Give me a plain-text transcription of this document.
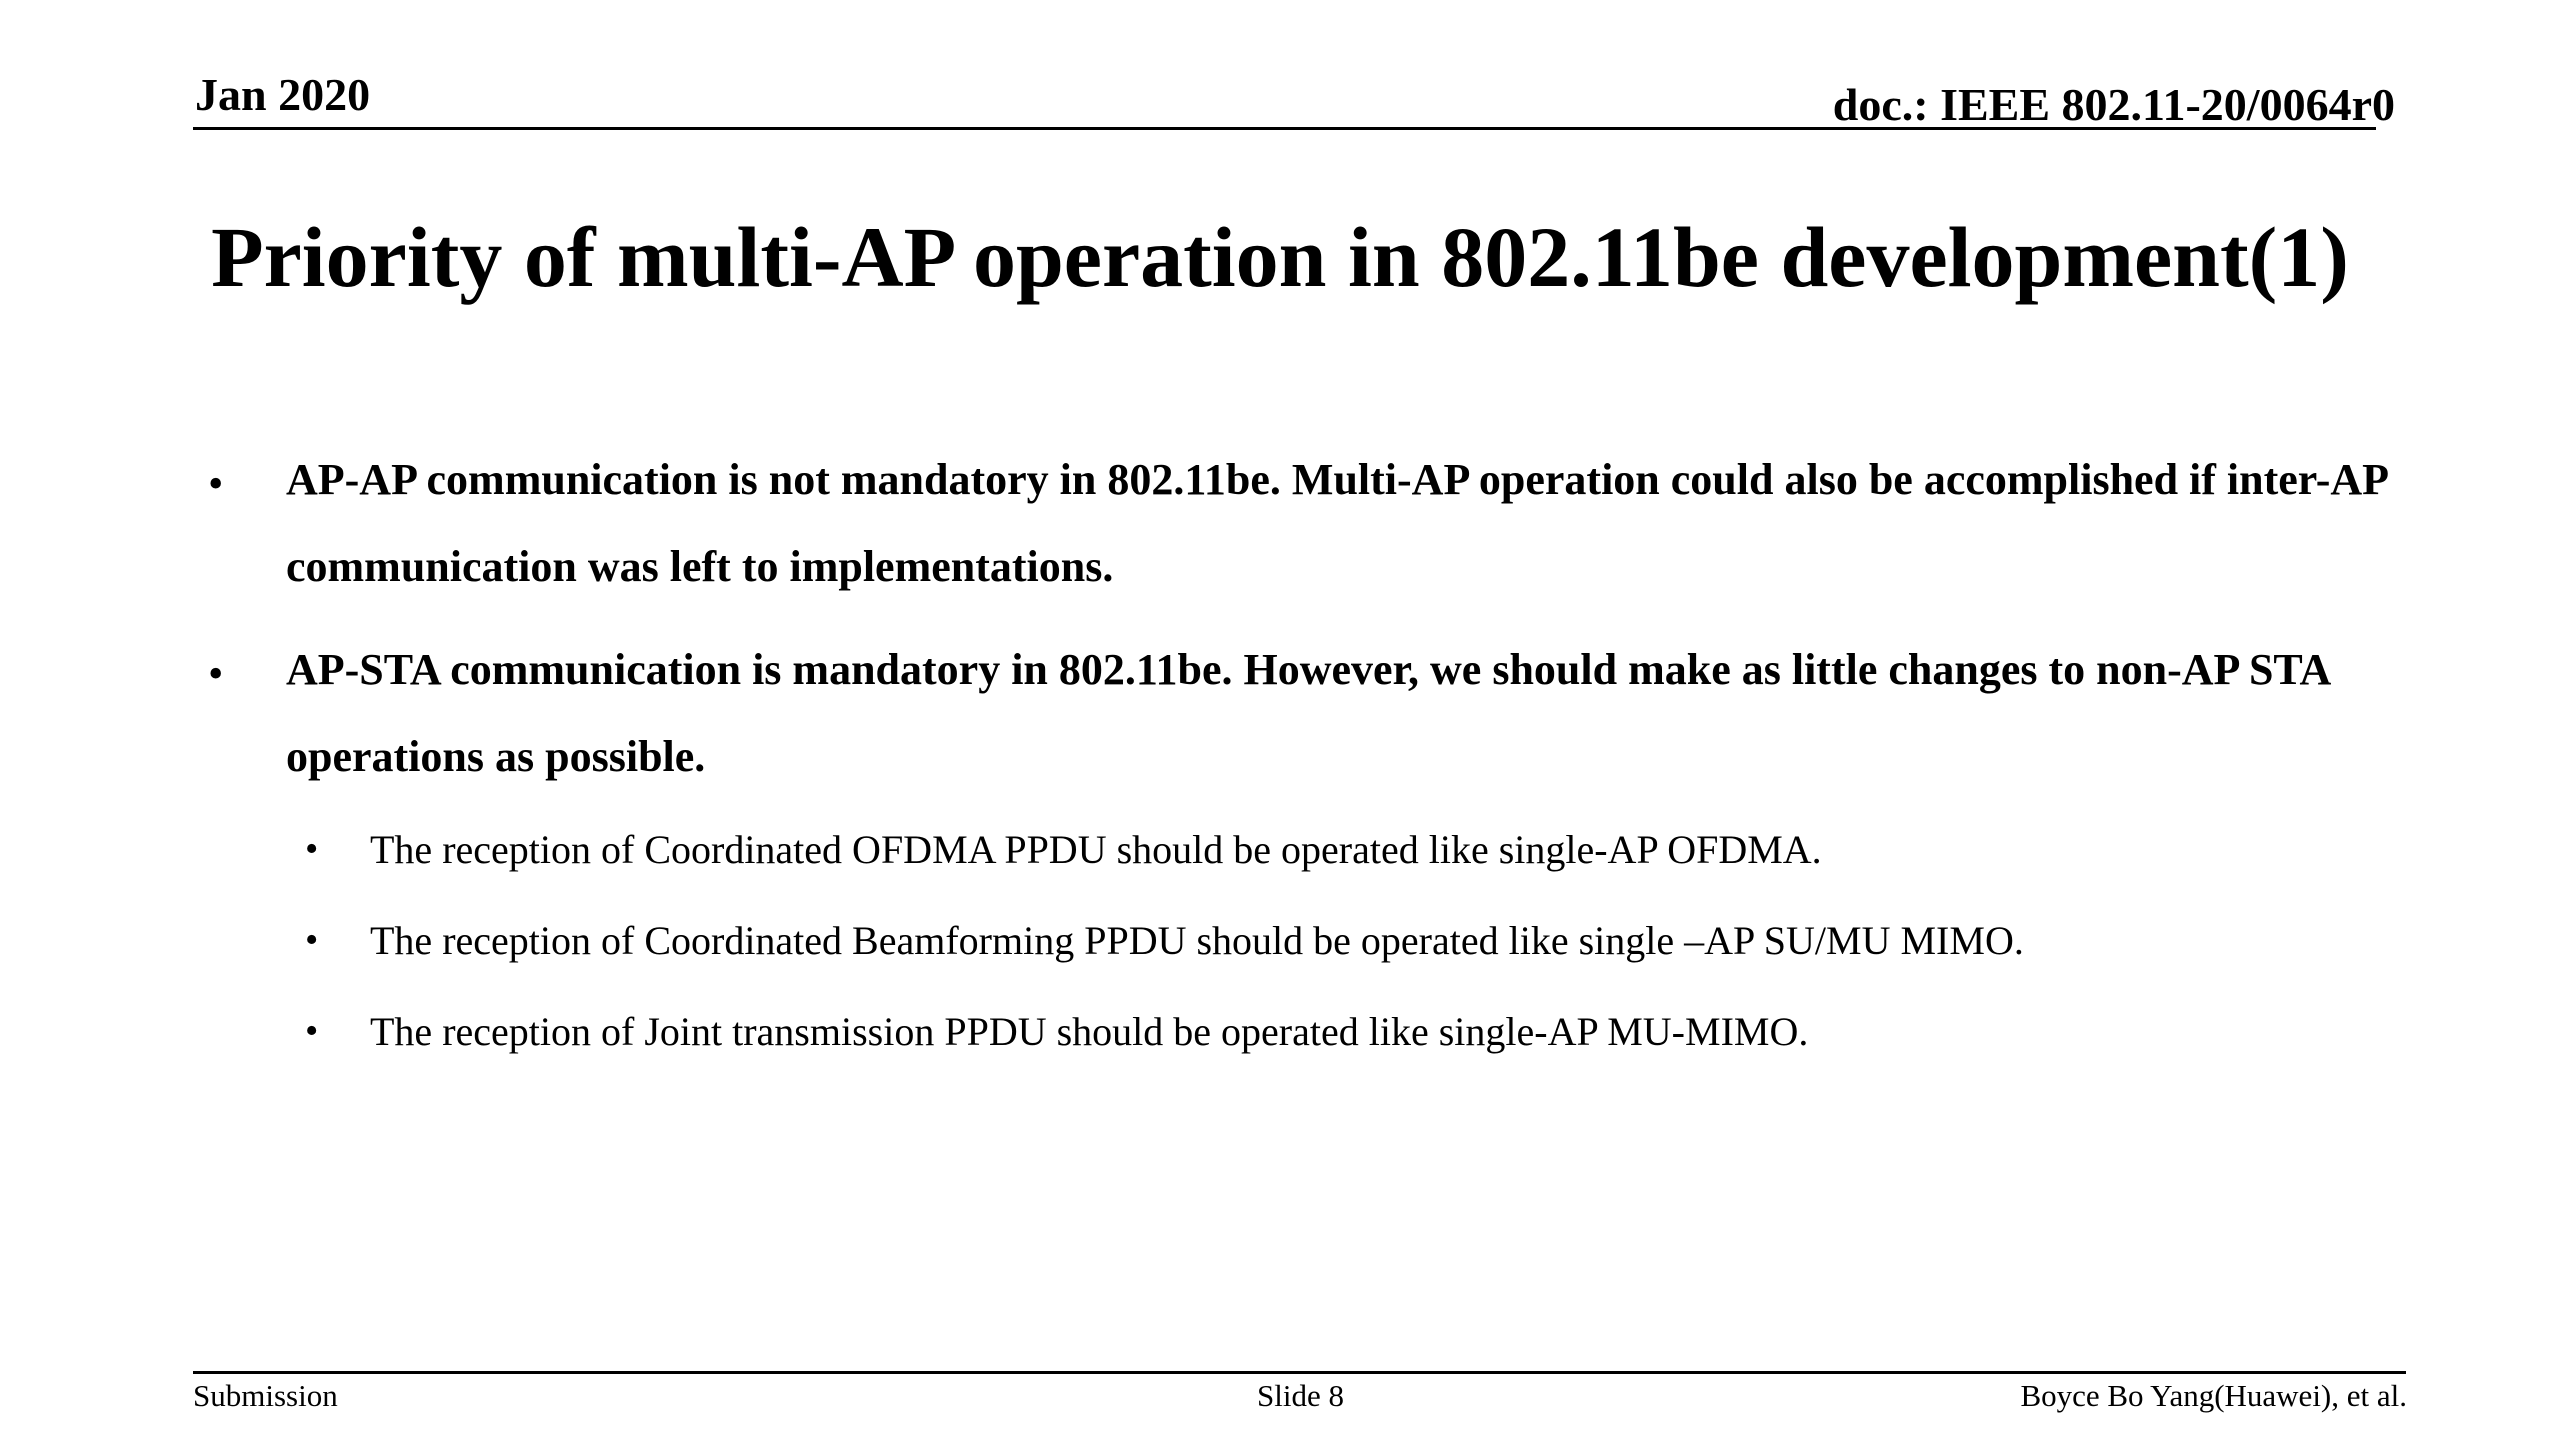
Jan 2020	doc.: IEEE 802.11-20/0064r0
Priority of multi-AP operation in 802.11be development(1)
• AP-AP communication is not mandatory in 802.11be. Multi-AP operation could also be accomplished if inter-AP communication was left to implementations.
• AP-STA communication is mandatory in 802.11be. However, we should make as little changes to non-AP STA operations as possible.
• The reception of Coordinated OFDMA PPDU should be operated like single-AP OFDMA.
• The reception of Coordinated Beamforming PPDU should be operated like single –AP SU/MU MIMO.
• The reception of Joint transmission PPDU should be operated like single-AP MU-MIMO.
Submission	Slide 8	Boyce Bo Yang(Huawei), et al.
